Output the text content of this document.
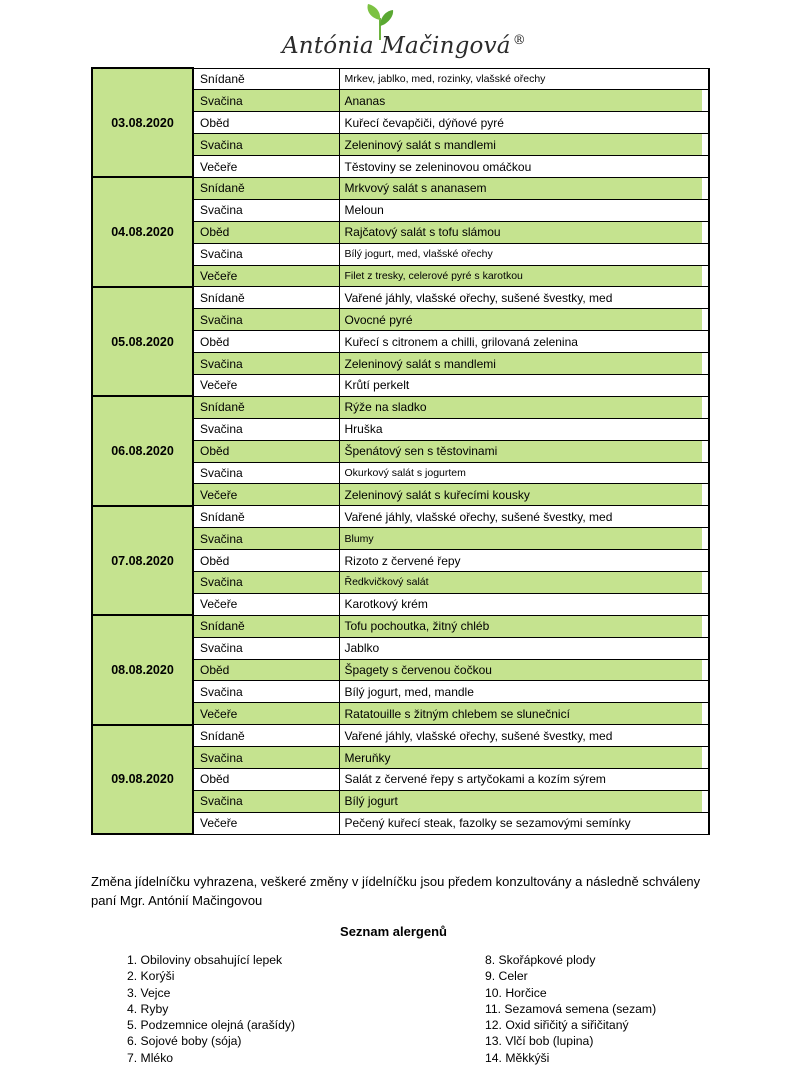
Antónia Mačingová ®
03.08.2020	Snídaně	Mrkev, jablko, med, rozinky, vlašské ořechy
	Svačina	Ananas
	Oběd	Kuřecí čevapčiči, dýňové pyré
	Svačina	Zeleninový salát s mandlemi
	Večeře	Těstoviny se zeleninovou omáčkou
04.08.2020	Snídaně	Mrkvový salát s ananasem
	Svačina	Meloun
	Oběd	Rajčatový salát s tofu slámou
	Svačina	Bílý jogurt, med, vlašské ořechy
	Večeře	Filet z tresky, celerové pyré s karotkou
05.08.2020	Snídaně	Vařené jáhly, vlašské ořechy, sušené švestky, med
	Svačina	Ovocné pyré
	Oběd	Kuřecí s citronem a chilli, grilovaná zelenina
	Svačina	Zeleninový salát s mandlemi
	Večeře	Krůtí perkelt
06.08.2020	Snídaně	Rýže na sladko
	Svačina	Hruška
	Oběd	Špenátový sen s těstovinami
	Svačina	Okurkový salát s jogurtem
	Večeře	Zeleninový salát s kuřecími kousky
07.08.2020	Snídaně	Vařené jáhly, vlašské ořechy, sušené švestky, med
	Svačina	Blumy
	Oběd	Rizoto z červené řepy
	Svačina	Ředkvičkový salát
	Večeře	Karotkový krém
08.08.2020	Snídaně	Tofu pochoutka, žitný chléb
	Svačina	Jablko
	Oběd	Špagety s červenou čočkou
	Svačina	Bílý jogurt, med, mandle
	Večeře	Ratatouille s žitným chlebem se slunečnicí
09.08.2020	Snídaně	Vařené jáhly, vlašské ořechy, sušené švestky, med
	Svačina	Meruňky
	Oběd	Salát z červené řepy s artyčokami a kozím sýrem
	Svačina	Bílý jogurt
	Večeře	Pečený kuřecí steak, fazolky se sezamovými semínky
Změna jídelníčku vyhrazena, veškeré změny v jídelníčku jsou předem konzultovány a následně schváleny paní Mgr. Antónií Mačingovou
Seznam alergenů
1. Obiloviny obsahující lepek
2. Korýši
3. Vejce
4. Ryby
5. Podzemnice olejná (arašídy)
6. Sojové boby (sója)
7. Mléko
8. Skořápkové plody
9. Celer
10. Horčice
11. Sezamová semena (sezam)
12. Oxid siřičitý a siřičitaný
13. Vlčí bob (lupina)
14. Měkkýši
